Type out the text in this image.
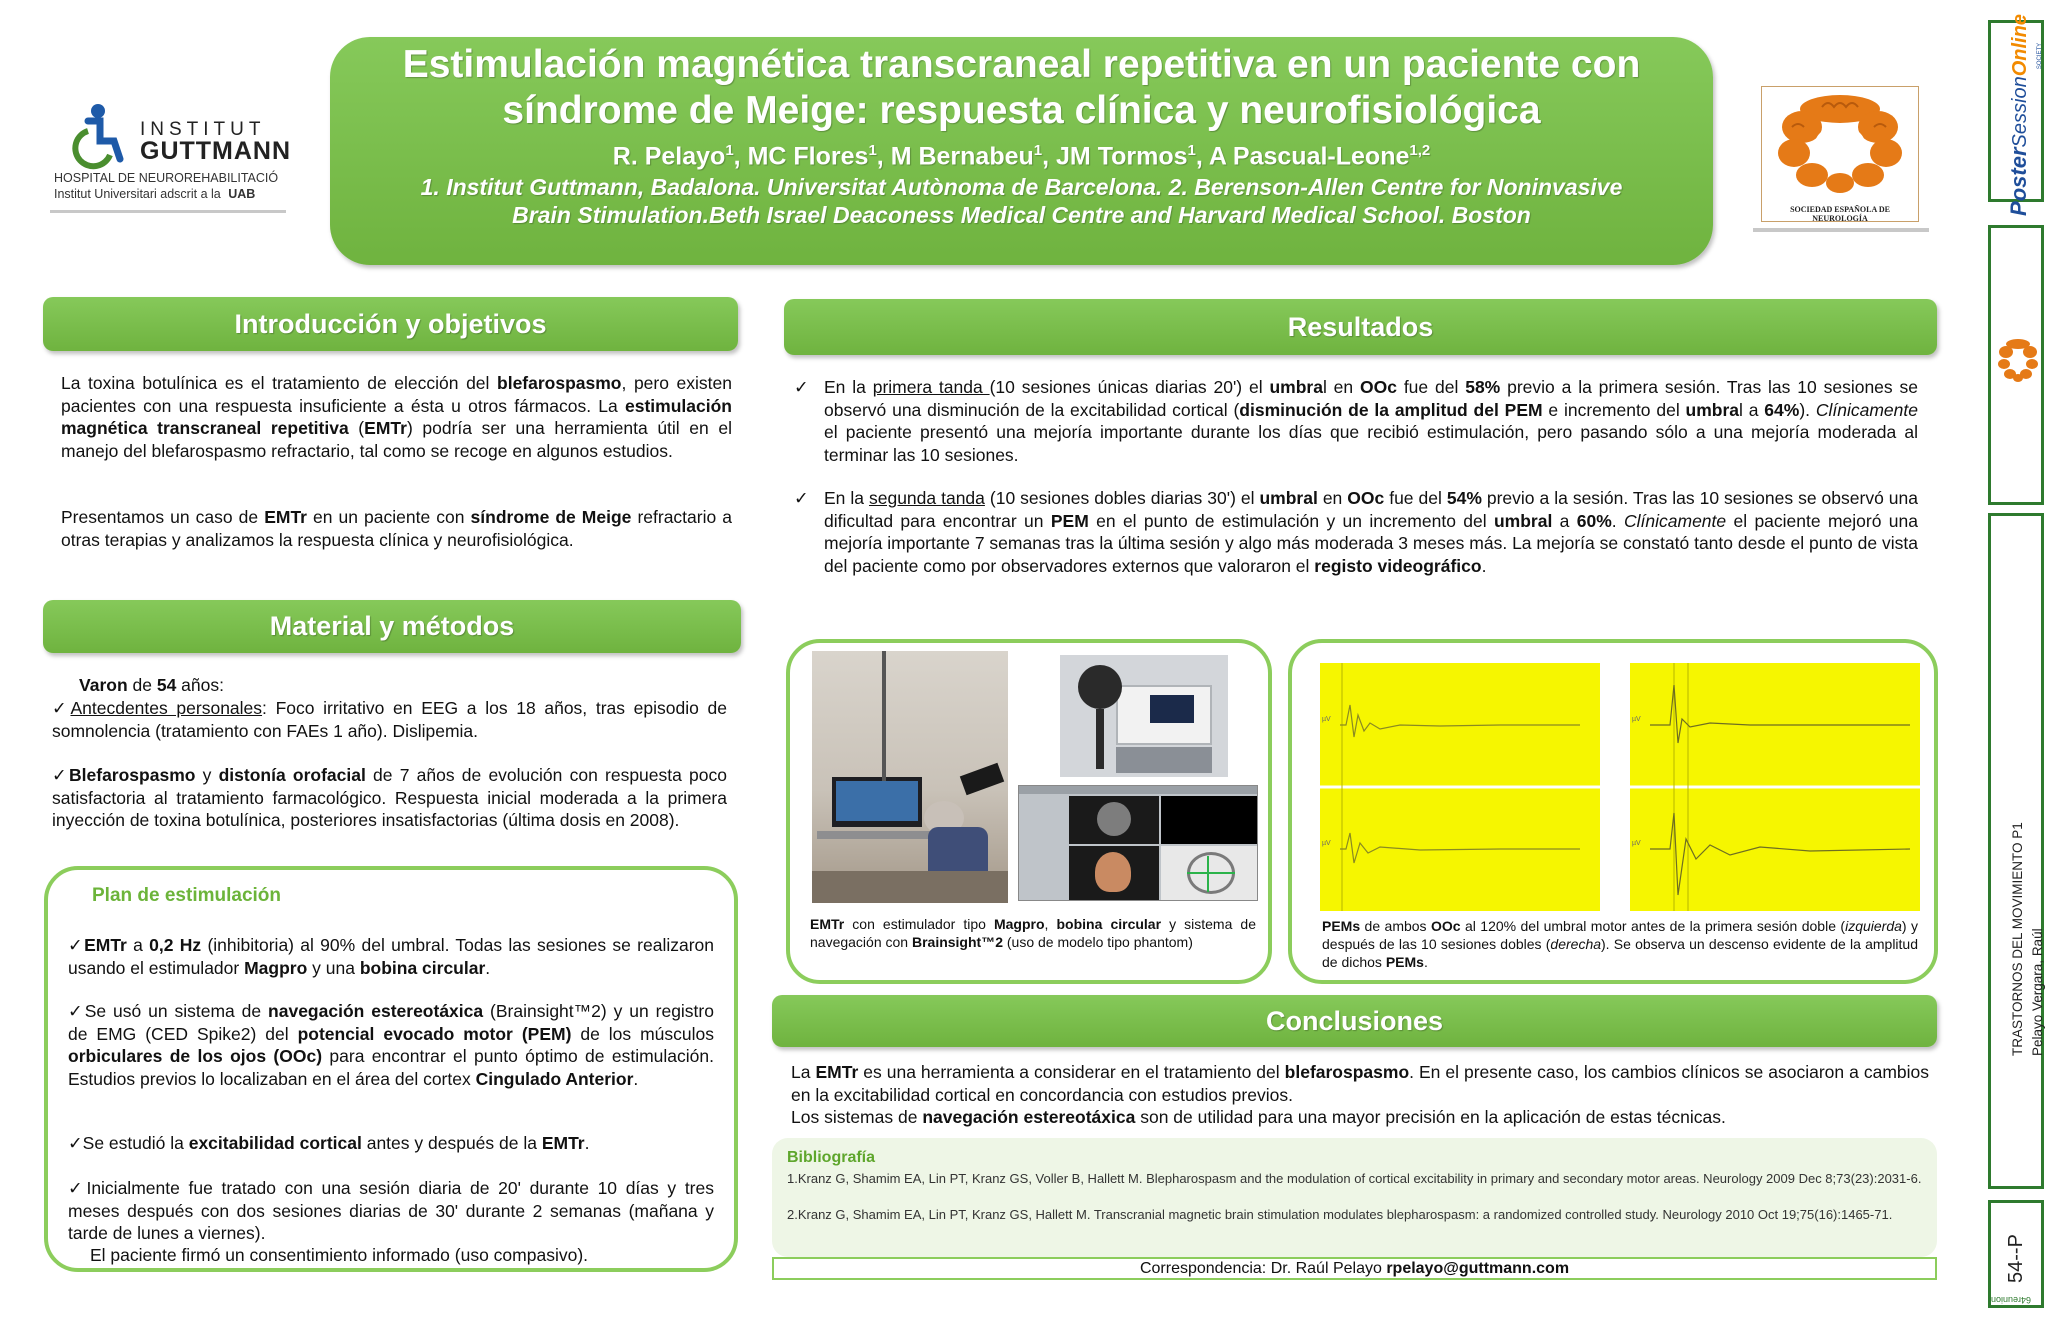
INSTITUT
GUTTMANN
HOSPITAL DE NEUROREHABILITACIÓ
Institut Universitari adscrit a la UAB
Estimulación magnética transcraneal repetitiva en un paciente con
síndrome de Meige: respuesta clínica y neurofisiológica
R. Pelayo$^1$, MC Flores$^1$, M Bernabeu$^1$, JM Tormos$^1$, A Pascual-Leone$^{1,2}$
1. Institut Guttmann, Badalona. Universitat Autònoma de Barcelona. 2. Berenson-Allen Centre for Noninvasive
Brain Stimulation.Beth Israel Deaconess Medical Centre and Harvard Medical School. Boston	SOCIEDAD ESPAÑOLA DE NEUROLOGÍA
Introducción y objetivos
La toxina botulínica es el tratamiento de elección del blefarospasmo, pero existen pacientes con una respuesta insuficiente a ésta u otros fármacos. La estimulación magnética transcraneal repetitiva (EMTr) podría ser una herramienta útil en el manejo del blefarospasmo refractario, tal como se recoge en algunos estudios.
Presentamos un caso de EMTr en un paciente con síndrome de Meige refractario a otras terapias y analizamos la respuesta clínica y neurofisiológica.
Material y métodos
Varon de 54 años:
✓Antecdentes personales: Foco irritativo en EEG a los 18 años, tras episodio de somnolencia (tratamiento con FAEs 1 año). Dislipemia.
✓Blefarospasmo y distonía orofacial de 7 años de evolución con respuesta poco satisfactoria al tratamiento farmacológico. Respuesta inicial moderada a la primera inyección de toxina botulínica, posteriores insatisfactorias (última dosis en 2008).
Plan de estimulación
✓EMTr a 0,2 Hz (inhibitoria) al 90% del umbral. Todas las sesiones se realizaron usando el estimulador Magpro y una bobina circular.
✓Se usó un sistema de navegación estereotáxica (Brainsight™2) y un registro de EMG (CED Spike2) del potencial evocado motor (PEM) de los músculos orbiculares de los ojos (OOc) para encontrar el punto óptimo de estimulación. Estudios previos lo localizaban en el área del cortex Cingulado Anterior.
✓Se estudió la excitabilidad cortical antes y después de la EMTr.
✓Inicialmente fue tratado con una sesión diaria de 20' durante 10 días y tres meses después con dos sesiones diarias de 30' durante 2 semanas (mañana y tarde de lunes a viernes).
El paciente firmó un consentimiento informado (uso compasivo).
Resultados
✓ En la primera tanda (10 sesiones únicas diarias 20') el umbral en OOc fue del 58% previo a la primera sesión. Tras las 10 sesiones se observó una disminución de la excitabilidad cortical (disminución de la amplitud del PEM e incremento del umbral a 64%). Clínicamente el paciente presentó una mejoría importante durante los días que recibió estimulación, pero pasando sólo a una mejoría moderada al terminar las 10 sesiones.
✓ En la segunda tanda (10 sesiones dobles diarias 30') el umbral en OOc fue del 54% previo a la sesión. Tras las 10 sesiones se observó una dificultad para encontrar un PEM en el punto de estimulación y un incremento del umbral a 60%. Clínicamente el paciente mejoró una mejoría importante 7 semanas tras la última sesión y algo más moderada 3 meses más. La mejoría se constató tanto desde el punto de vista del paciente como por observadores externos que valoraron el registo videográfico.
EMTr con estimulador tipo Magpro, bobina circular y sistema de navegación con Brainsight™2 (uso de modelo tipo phantom)
µV
µV
µV
µV
PEMs de ambos OOc al 120% del umbral motor antes de la primera sesión doble (izquierda) y después de las 10 sesiones dobles (derecha). Se observa un descenso evidente de la amplitud de dichos PEMs.
Conclusiones
La EMTr es una herramienta a considerar en el tratamiento del blefarospasmo. En el presente caso, los cambios clínicos se asociaron a cambios en la excitabilidad cortical en concordancia con estudios previos.
Los sistemas de navegación estereotáxica son de utilidad para una mayor precisión en la aplicación de estas técnicas.
Bibliografía
1.Kranz G, Shamim EA, Lin PT, Kranz GS, Voller B, Hallett M. Blepharospasm and the modulation of cortical excitability in primary and secondary motor areas. Neurology 2009 Dec 8;73(23):2031-6.
2.Kranz G, Shamim EA, Lin PT, Kranz GS, Hallett M. Transcranial magnetic brain stimulation modulates blepharospasm: a randomized controlled study. Neurology 2010 Oct 19;75(16):1465-71.
Correspondencia: Dr. Raúl Pelayo rpelayo@guttmann.com
PosterSessionOnline SOCIETY
TRASTORNOS DEL MOVIMIENTO P1 Pelayo Vergara, Raúl
54--P
64reunion
